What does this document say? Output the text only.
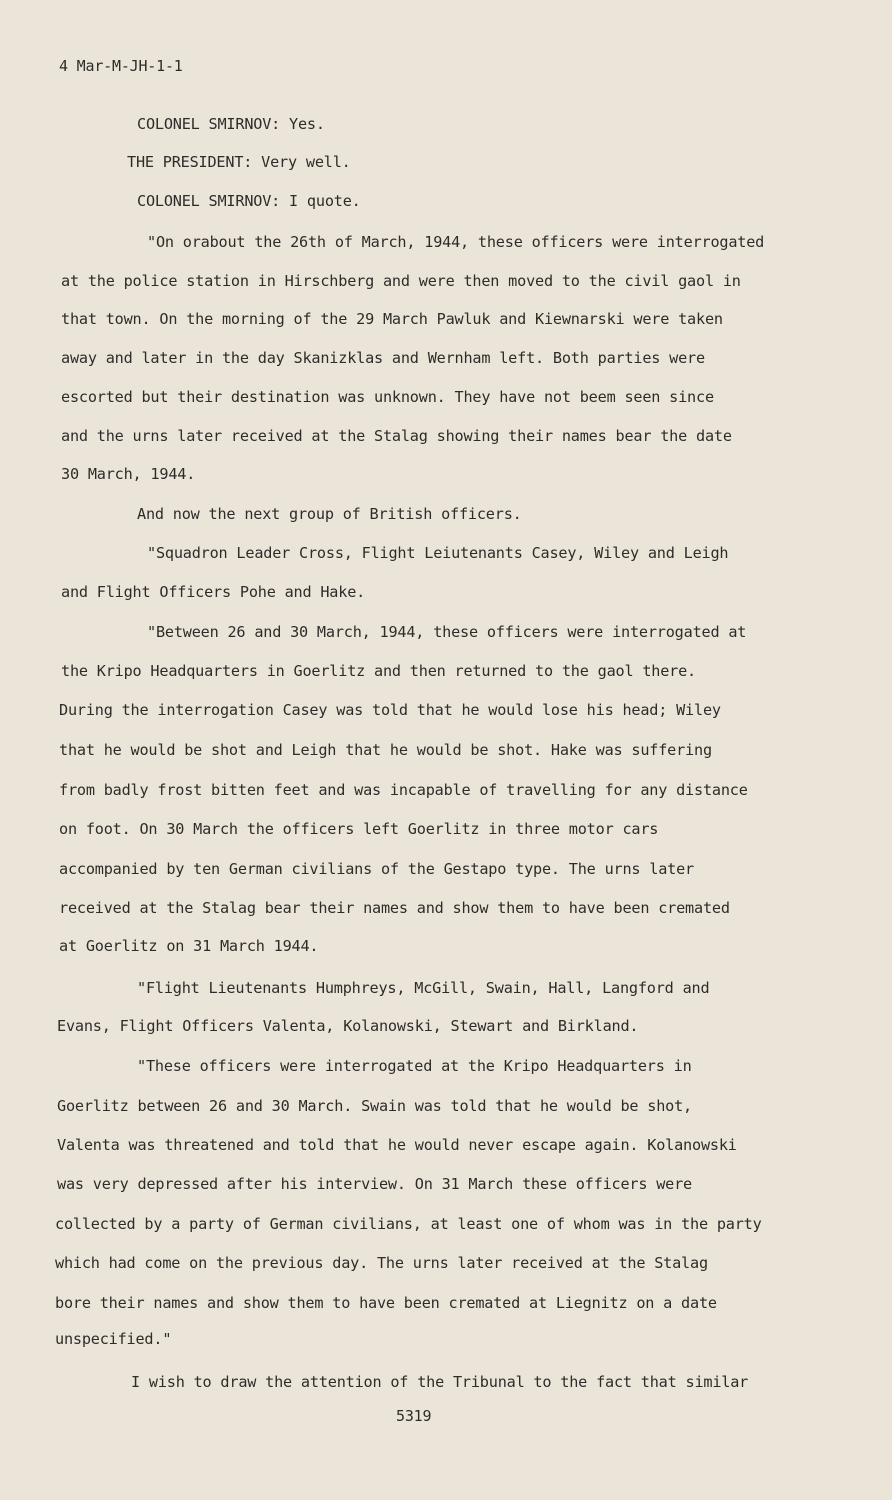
4 Mar-M-JH-1-1
COLONEL SMIRNOV: Yes.
THE PRESIDENT: Very well.
COLONEL SMIRNOV: I quote.
"On orabout the 26th of March, 1944, these officers were interrogated
at the police station in Hirschberg and were then moved to the civil gaol in
that town. On the morning of the 29 March Pawluk and Kiewnarski were taken
away and later in the day Skanizklas and Wernham left. Both parties were
escorted but their destination was unknown. They have not beem seen since
and the urns later received at the Stalag showing their names bear the date
30 March, 1944.
And now the next group of British officers.
"Squadron Leader Cross, Flight Leiutenants Casey, Wiley and Leigh
and Flight Officers Pohe and Hake.
"Between 26 and 30 March, 1944, these officers were interrogated at
the Kripo Headquarters in Goerlitz and then returned to the gaol there.
During the interrogation Casey was told that he would lose his head; Wiley
that he would be shot and Leigh that he would be shot. Hake was suffering
from badly frost bitten feet and was incapable of travelling for any distance
on foot. On 30 March the officers left Goerlitz in three motor cars
accompanied by ten German civilians of the Gestapo type. The urns later
received at the Stalag bear their names and show them to have been cremated
at Goerlitz on 31 March 1944.
"Flight Lieutenants Humphreys, McGill, Swain, Hall, Langford and
Evans, Flight Officers Valenta, Kolanowski, Stewart and Birkland.
"These officers were interrogated at the Kripo Headquarters in
Goerlitz between 26 and 30 March. Swain was told that he would be shot,
Valenta was threatened and told that he would never escape again. Kolanowski
was very depressed after his interview. On 31 March these officers were
collected by a party of German civilians, at least one of whom was in the party
which had come on the previous day. The urns later received at the Stalag
bore their names and show them to have been cremated at Liegnitz on a date
unspecified."
I wish to draw the attention of the Tribunal to the fact that similar
5319
